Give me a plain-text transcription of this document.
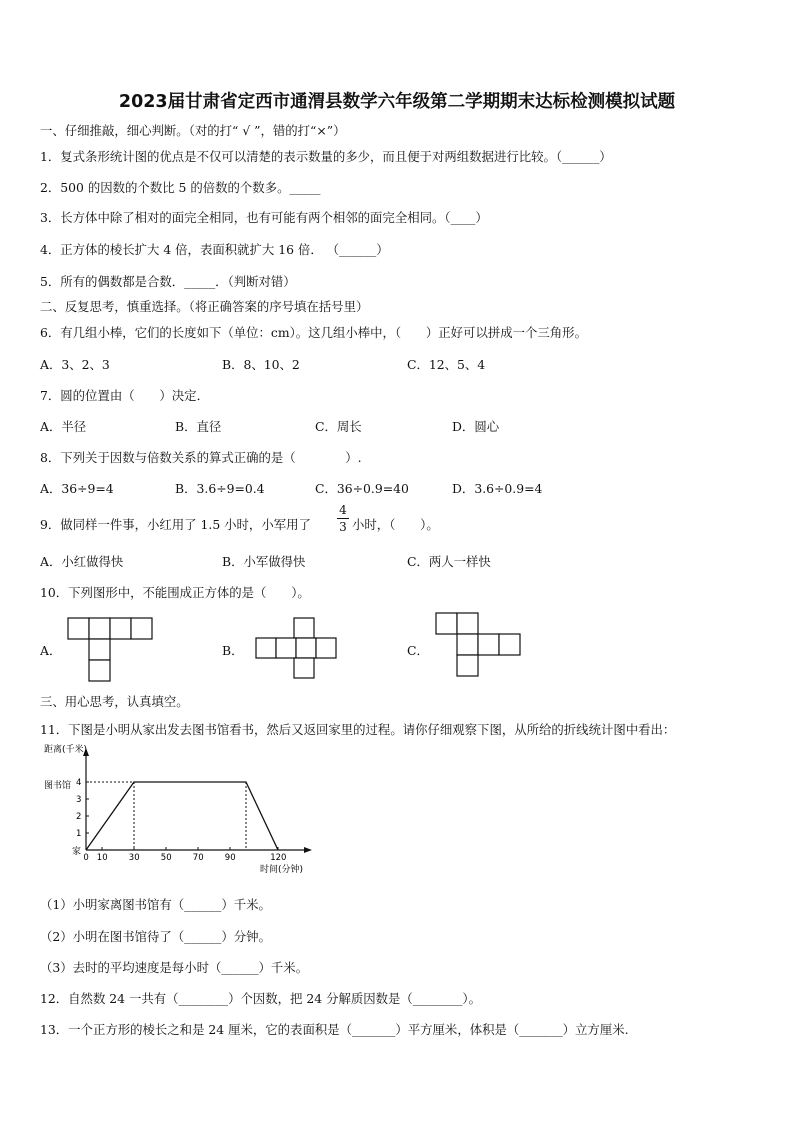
2023届甘肃省定西市通渭县数学六年级第二学期期末达标检测模拟试题
一、仔细推敲，细心判断。（对的打“ √ ”，错的打“×”）
1．复式条形统计图的优点是不仅可以清楚的表示数量的多少，而且便于对两组数据进行比较。（______）
2．500 的因数的个数比 5 的倍数的个数多。_____
3．长方体中除了相对的面完全相同，也有可能有两个相邻的面完全相同。（____）
4．正方体的棱长扩大 4 倍，表面积就扩大 16 倍． （______）
5．所有的偶数都是合数．_____．（判断对错）
二、反复思考，慎重选择。（将正确答案的序号填在括号里）
6．有几组小棒，它们的长度如下（单位：cm）。这几组小棒中，（　　）正好可以拼成一个三角形。
A．3、2、3	B．8、10、2	C．12、5、4
7．圆的位置由（　　）决定．
A．半径	B．直径	C．周长	D．圆心
8．下列关于因数与倍数关系的算式正确的是（　　　　）.
A．36÷9=4	B．3.6÷9=0.4	C．36÷0.9=40	D．3.6÷0.9=4
9．做同样一件事，小红用了 1.5 小时，小军用了
4
3 小时，（　　）。
A．小红做得快	B．小军做得快	C．两人一样快
10．下列图形中，不能围成正方体的是（　　）。
A．	B．	C．
三、用心思考，认真填空。
11．下图是小明从家出发去图书馆看书，然后又返回家里的过程。请你仔细观察下图，从所给的折线统计图中看出：
距离(千米)
时间(分钟)
图书馆
家
0 10 30 50 70 90	120
1
2
3
4
（1）小明家离图书馆有（______）千米。
（2）小明在图书馆待了（______）分钟。
（3）去时的平均速度是每小时（______）千米。
12．自然数 24 一共有（________）个因数，把 24 分解质因数是（________）。
13．一个正方形的棱长之和是 24 厘米，它的表面积是（_______）平方厘米，体积是（_______）立方厘米.
